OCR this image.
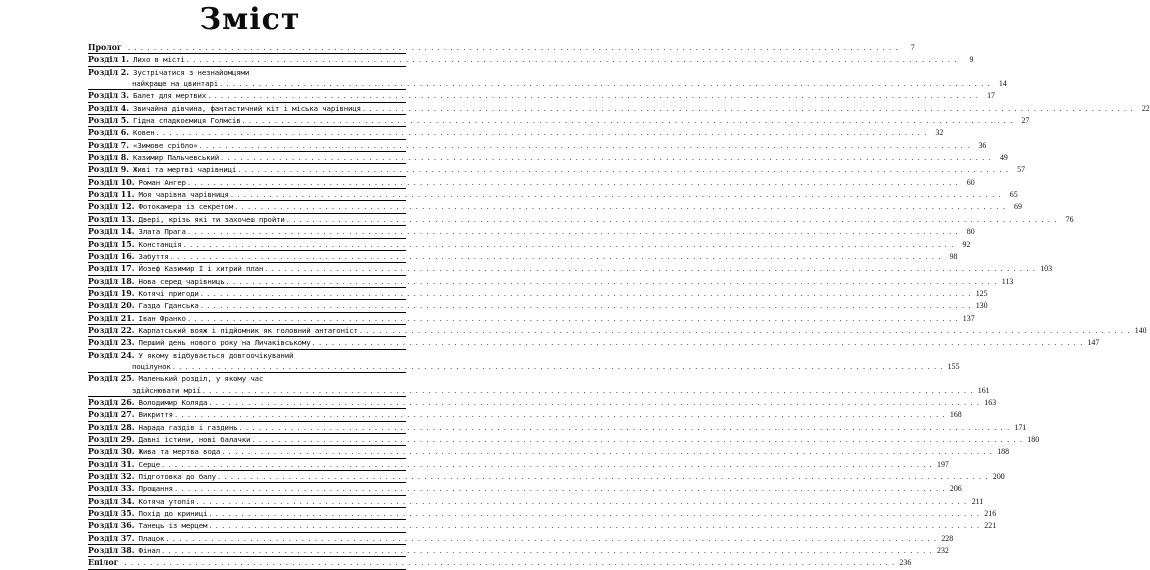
Зміст
Пролог . . . . . . . . . . . . . . . . . . . . . . . . . . . . . . . . . . . . . . . . . . . . . . . . . . . . . . . . . . . . . . . . . . . . . . . . . . . . . . . . . . . . . . . . . . . . . . . . . . . . . . . . . . . . . . . . . . . . . . . .	7
Розділ 1. Лихо в місті . . . . . . . . . . . . . . . . . . . . . . . . . . . . . . . . . . . . . . . . . . . . . . . . . . . . . . . . . . . . . . . . . . . . . . . . . . . . . . . . . . . . . . . . . . . . . . . . . . . . . . . . . . . . . . . . . . . . . . . .	9
Розділ 2. Зустрічатися з незнайомцями
найкраще на цвинтарі . . . . . . . . . . . . . . . . . . . . . . . . . . . . . . . . . . . . . . . . . . . . . . . . . . . . . . . . . . . . . . . . . . . . . . . . . . . . . . . . . . . . . . . . . . . . . . . . . . . . . . . . . . . . . . . . . . . . . . . .	14
Розділ 3. Балет для мертвих . . . . . . . . . . . . . . . . . . . . . . . . . . . . . . . . . . . . . . . . . . . . . . . . . . . . . . . . . . . . . . . . . . . . . . . . . . . . . . . . . . . . . . . . . . . . . . . . . . . . . . . . . . . . . . . . . . . . . . . .	17
Розділ 4. Звичайна дівчина, фантастичний кіт і міська чарівниця . . . . . . . . . . . . . . . . . . . . . . . . . . . . . . . . . . . . . . . . . . . . . . . . . . . . . . . . . . . . . . . . . . . . . . . . . . . . . . . . . . . . . . . . . . . . . . . . . . . . . . . . . . . . . . . . . . . . . . . .	22
Розділ 5. Гідна спадкоємиця Голмсів . . . . . . . . . . . . . . . . . . . . . . . . . . . . . . . . . . . . . . . . . . . . . . . . . . . . . . . . . . . . . . . . . . . . . . . . . . . . . . . . . . . . . . . . . . . . . . . . . . . . . . . . . . . . . . . . . . . . . . . .	27
Розділ 6. Ковен . . . . . . . . . . . . . . . . . . . . . . . . . . . . . . . . . . . . . . . . . . . . . . . . . . . . . . . . . . . . . . . . . . . . . . . . . . . . . . . . . . . . . . . . . . . . . . . . . . . . . . . . . . . . . . . . . . . . . . . .	32
Розділ 7. «Зимове срібло» . . . . . . . . . . . . . . . . . . . . . . . . . . . . . . . . . . . . . . . . . . . . . . . . . . . . . . . . . . . . . . . . . . . . . . . . . . . . . . . . . . . . . . . . . . . . . . . . . . . . . . . . . . . . . . . . . . . . . . . .	36
Розділ 8. Казимир Пальчевський . . . . . . . . . . . . . . . . . . . . . . . . . . . . . . . . . . . . . . . . . . . . . . . . . . . . . . . . . . . . . . . . . . . . . . . . . . . . . . . . . . . . . . . . . . . . . . . . . . . . . . . . . . . . . . . . . . . . . . . .	49
Розділ 9. Живі та мертві чарівниці . . . . . . . . . . . . . . . . . . . . . . . . . . . . . . . . . . . . . . . . . . . . . . . . . . . . . . . . . . . . . . . . . . . . . . . . . . . . . . . . . . . . . . . . . . . . . . . . . . . . . . . . . . . . . . . . . . . . . . . .	57
Розділ 10. Роман Ангер . . . . . . . . . . . . . . . . . . . . . . . . . . . . . . . . . . . . . . . . . . . . . . . . . . . . . . . . . . . . . . . . . . . . . . . . . . . . . . . . . . . . . . . . . . . . . . . . . . . . . . . . . . . . . . . . . . . . . . . .	60
Розділ 11. Моя чарівна чарівниця . . . . . . . . . . . . . . . . . . . . . . . . . . . . . . . . . . . . . . . . . . . . . . . . . . . . . . . . . . . . . . . . . . . . . . . . . . . . . . . . . . . . . . . . . . . . . . . . . . . . . . . . . . . . . . . . . . . . . . . .	65
Розділ 12. Фотокамера із секретом . . . . . . . . . . . . . . . . . . . . . . . . . . . . . . . . . . . . . . . . . . . . . . . . . . . . . . . . . . . . . . . . . . . . . . . . . . . . . . . . . . . . . . . . . . . . . . . . . . . . . . . . . . . . . . . . . . . . . . . .	69
Розділ 13. Двері, крізь які ти захочеш пройти . . . . . . . . . . . . . . . . . . . . . . . . . . . . . . . . . . . . . . . . . . . . . . . . . . . . . . . . . . . . . . . . . . . . . . . . . . . . . . . . . . . . . . . . . . . . . . . . . . . . . . . . . . . . . . . . . . . . . . . .	76
Розділ 14. Злата Прага . . . . . . . . . . . . . . . . . . . . . . . . . . . . . . . . . . . . . . . . . . . . . . . . . . . . . . . . . . . . . . . . . . . . . . . . . . . . . . . . . . . . . . . . . . . . . . . . . . . . . . . . . . . . . . . . . . . . . . . .	80
Розділ 15. Констанція . . . . . . . . . . . . . . . . . . . . . . . . . . . . . . . . . . . . . . . . . . . . . . . . . . . . . . . . . . . . . . . . . . . . . . . . . . . . . . . . . . . . . . . . . . . . . . . . . . . . . . . . . . . . . . . . . . . . . . . .	92
Розділ 16. Забуття . . . . . . . . . . . . . . . . . . . . . . . . . . . . . . . . . . . . . . . . . . . . . . . . . . . . . . . . . . . . . . . . . . . . . . . . . . . . . . . . . . . . . . . . . . . . . . . . . . . . . . . . . . . . . . . . . . . . . . . .	98
Розділ 17. Йозеф Казимир І і хитрий план . . . . . . . . . . . . . . . . . . . . . . . . . . . . . . . . . . . . . . . . . . . . . . . . . . . . . . . . . . . . . . . . . . . . . . . . . . . . . . . . . . . . . . . . . . . . . . . . . . . . . . . . . . . . . . . . . . . . . . . . 103
Розділ 18. Нова серед чарівниць . . . . . . . . . . . . . . . . . . . . . . . . . . . . . . . . . . . . . . . . . . . . . . . . . . . . . . . . . . . . . . . . . . . . . . . . . . . . . . . . . . . . . . . . . . . . . . . . . . . . . . . . . . . . . . . . . . . . . . . . 113
Розділ 19. Котячі пригоди . . . . . . . . . . . . . . . . . . . . . . . . . . . . . . . . . . . . . . . . . . . . . . . . . . . . . . . . . . . . . . . . . . . . . . . . . . . . . . . . . . . . . . . . . . . . . . . . . . . . . . . . . . . . . . . . . . . . . . . . 125
Розділ 20. Газда Гданська . . . . . . . . . . . . . . . . . . . . . . . . . . . . . . . . . . . . . . . . . . . . . . . . . . . . . . . . . . . . . . . . . . . . . . . . . . . . . . . . . . . . . . . . . . . . . . . . . . . . . . . . . . . . . . . . . . . . . . . . 130
Розділ 21. Іван Франко . . . . . . . . . . . . . . . . . . . . . . . . . . . . . . . . . . . . . . . . . . . . . . . . . . . . . . . . . . . . . . . . . . . . . . . . . . . . . . . . . . . . . . . . . . . . . . . . . . . . . . . . . . . . . . . . . . . . . . . . 137
Розділ 22. Карпатський вояж і підйомник як головний антагоніст . . . . . . . . . . . . . . . . . . . . . . . . . . . . . . . . . . . . . . . . . . . . . . . . . . . . . . . . . . . . . . . . . . . . . . . . . . . . . . . . . . . . . . . . . . . . . . . . . . . . . . . . . . . . . . . . . . . . . . . . 140
Розділ 23. Перший день нового року на Личаківському . . . . . . . . . . . . . . . . . . . . . . . . . . . . . . . . . . . . . . . . . . . . . . . . . . . . . . . . . . . . . . . . . . . . . . . . . . . . . . . . . . . . . . . . . . . . . . . . . . . . . . . . . . . . . . . . . . . . . . . . 147
Розділ 24. У якому відбувається довгоочікуваний
поцілунок . . . . . . . . . . . . . . . . . . . . . . . . . . . . . . . . . . . . . . . . . . . . . . . . . . . . . . . . . . . . . . . . . . . . . . . . . . . . . . . . . . . . . . . . . . . . . . . . . . . . . . . . . . . . . . . . . . . . . . . . 155
Розділ 25. Маленький розділ, у якому час
здійснювати мрії . . . . . . . . . . . . . . . . . . . . . . . . . . . . . . . . . . . . . . . . . . . . . . . . . . . . . . . . . . . . . . . . . . . . . . . . . . . . . . . . . . . . . . . . . . . . . . . . . . . . . . . . . . . . . . . . . . . . . . . . 161
Розділ 26. Володимир Коляда . . . . . . . . . . . . . . . . . . . . . . . . . . . . . . . . . . . . . . . . . . . . . . . . . . . . . . . . . . . . . . . . . . . . . . . . . . . . . . . . . . . . . . . . . . . . . . . . . . . . . . . . . . . . . . . . . . . . . . . . 163
Розділ 27. Викриття . . . . . . . . . . . . . . . . . . . . . . . . . . . . . . . . . . . . . . . . . . . . . . . . . . . . . . . . . . . . . . . . . . . . . . . . . . . . . . . . . . . . . . . . . . . . . . . . . . . . . . . . . . . . . . . . . . . . . . . . 168
Розділ 28. Нарада газдів і газдинь . . . . . . . . . . . . . . . . . . . . . . . . . . . . . . . . . . . . . . . . . . . . . . . . . . . . . . . . . . . . . . . . . . . . . . . . . . . . . . . . . . . . . . . . . . . . . . . . . . . . . . . . . . . . . . . . . . . . . . . . 171
Розділ 29. Давні істини, нові балачки . . . . . . . . . . . . . . . . . . . . . . . . . . . . . . . . . . . . . . . . . . . . . . . . . . . . . . . . . . . . . . . . . . . . . . . . . . . . . . . . . . . . . . . . . . . . . . . . . . . . . . . . . . . . . . . . . . . . . . . . 180
Розділ 30. Жива та мертва вода . . . . . . . . . . . . . . . . . . . . . . . . . . . . . . . . . . . . . . . . . . . . . . . . . . . . . . . . . . . . . . . . . . . . . . . . . . . . . . . . . . . . . . . . . . . . . . . . . . . . . . . . . . . . . . . . . . . . . . . . 188
Розділ 31. Серце . . . . . . . . . . . . . . . . . . . . . . . . . . . . . . . . . . . . . . . . . . . . . . . . . . . . . . . . . . . . . . . . . . . . . . . . . . . . . . . . . . . . . . . . . . . . . . . . . . . . . . . . . . . . . . . . . . . . . . . . 197
Розділ 32. Підготовка до балу . . . . . . . . . . . . . . . . . . . . . . . . . . . . . . . . . . . . . . . . . . . . . . . . . . . . . . . . . . . . . . . . . . . . . . . . . . . . . . . . . . . . . . . . . . . . . . . . . . . . . . . . . . . . . . . . . . . . . . . . 200
Розділ 33. Прощання . . . . . . . . . . . . . . . . . . . . . . . . . . . . . . . . . . . . . . . . . . . . . . . . . . . . . . . . . . . . . . . . . . . . . . . . . . . . . . . . . . . . . . . . . . . . . . . . . . . . . . . . . . . . . . . . . . . . . . . . 206
Розділ 34. Котяча утопія . . . . . . . . . . . . . . . . . . . . . . . . . . . . . . . . . . . . . . . . . . . . . . . . . . . . . . . . . . . . . . . . . . . . . . . . . . . . . . . . . . . . . . . . . . . . . . . . . . . . . . . . . . . . . . . . . . . . . . . . 211
Розділ 35. Похід до криниці . . . . . . . . . . . . . . . . . . . . . . . . . . . . . . . . . . . . . . . . . . . . . . . . . . . . . . . . . . . . . . . . . . . . . . . . . . . . . . . . . . . . . . . . . . . . . . . . . . . . . . . . . . . . . . . . . . . . . . . . 216
Розділ 36. Танець із мерцем . . . . . . . . . . . . . . . . . . . . . . . . . . . . . . . . . . . . . . . . . . . . . . . . . . . . . . . . . . . . . . . . . . . . . . . . . . . . . . . . . . . . . . . . . . . . . . . . . . . . . . . . . . . . . . . . . . . . . . . . 221
Розділ 37. Плацок . . . . . . . . . . . . . . . . . . . . . . . . . . . . . . . . . . . . . . . . . . . . . . . . . . . . . . . . . . . . . . . . . . . . . . . . . . . . . . . . . . . . . . . . . . . . . . . . . . . . . . . . . . . . . . . . . . . . . . . . 228
Розділ 38. Фінал . . . . . . . . . . . . . . . . . . . . . . . . . . . . . . . . . . . . . . . . . . . . . . . . . . . . . . . . . . . . . . . . . . . . . . . . . . . . . . . . . . . . . . . . . . . . . . . . . . . . . . . . . . . . . . . . . . . . . . . . 232
Епілог . . . . . . . . . . . . . . . . . . . . . . . . . . . . . . . . . . . . . . . . . . . . . . . . . . . . . . . . . . . . . . . . . . . . . . . . . . . . . . . . . . . . . . . . . . . . . . . . . . . . . . . . . . . . . . . . . . . . . . . . 236
